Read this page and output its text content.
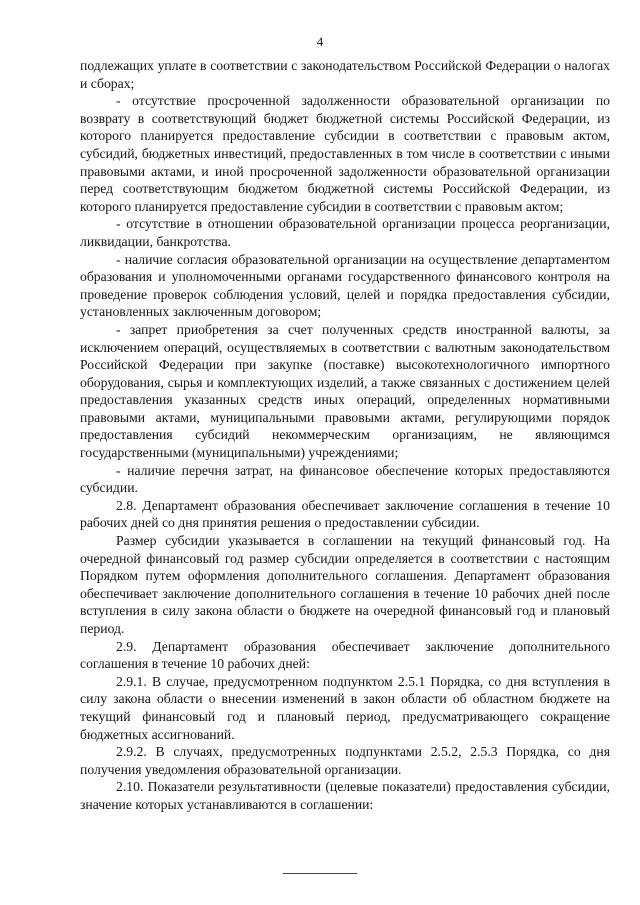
4

подлежащих уплате в соответствии с законодательством Российской Федерации о налогах и сборах;

- отсутствие просроченной задолженности образовательной организации по возврату в соответствующий бюджет бюджетной системы Российской Федерации, из которого планируется предоставление субсидии в соответствии с правовым актом, субсидий, бюджетных инвестиций, предоставленных в том числе в соответствии с иными правовыми актами, и иной просроченной задолженности образовательной организации перед соответствующим бюджетом бюджетной системы Российской Федерации, из которого планируется предоставление субсидии в соответствии с правовым актом;

- отсутствие в отношении образовательной организации процесса реорганизации, ликвидации, банкротства.

- наличие согласия образовательной организации на осуществление департаментом образования и уполномоченными органами государственного финансового контроля на проведение проверок соблюдения условий, целей и порядка предоставления субсидии, установленных заключенным договором;

- запрет приобретения за счет полученных средств иностранной валюты, за исключением операций, осуществляемых в соответствии с валютным законодательством Российской Федерации при закупке (поставке) высокотехнологичного импортного оборудования, сырья и комплектующих изделий, а также связанных с достижением целей предоставления указанных средств иных операций, определенных нормативными правовыми актами, муниципальными правовыми актами, регулирующими порядок предоставления субсидий некоммерческим организациям, не являющимся государственными (муниципальными) учреждениями;

- наличие перечня затрат, на финансовое обеспечение которых предоставляются субсидии.

2.8. Департамент образования обеспечивает заключение соглашения в течение 10 рабочих дней со дня принятия решения о предоставлении субсидии.

Размер субсидии указывается в соглашении на текущий финансовый год. На очередной финансовый год размер субсидии определяется в соответствии с настоящим Порядком путем оформления дополнительного соглашения. Департамент образования обеспечивает заключение дополнительного соглашения в течение 10 рабочих дней после вступления в силу закона области о бюджете на очередной финансовый год и плановый период.

2.9. Департамент образования обеспечивает заключение дополнительного соглашения в течение 10 рабочих дней:

2.9.1. В случае, предусмотренном подпунктом 2.5.1 Порядка, со дня вступления в силу закона области о внесении изменений в закон области об областном бюджете на текущий финансовый год и плановый период, предусматривающего сокращение бюджетных ассигнований.

2.9.2. В случаях, предусмотренных подпунктами 2.5.2, 2.5.3 Порядка, со дня получения уведомления образовательной организации.

2.10. Показатели результативности (целевые показатели) предоставления субсидии, значение которых устанавливаются в соглашении:
